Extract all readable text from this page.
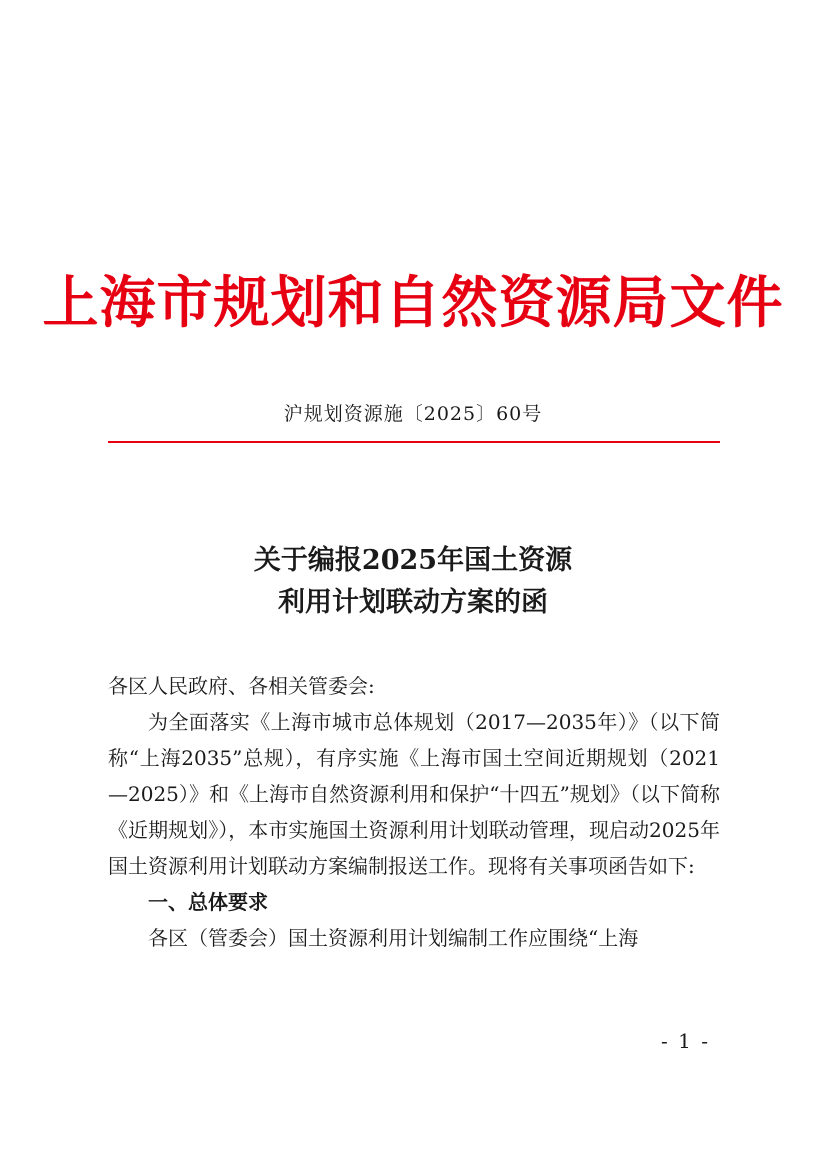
上海市规划和自然资源局文件
沪规划资源施〔2025〕60号
关于编报2025年国土资源
利用计划联动方案的函

各区人民政府、各相关管委会:

为全面落实《上海市城市总体规划（2017—2035年）》（以下简称“上海2035”总规），有序实施《上海市国土空间近期规划（2021—2025）》和《上海市自然资源利用和保护“十四五”规划》（以下简称《近期规划》），本市实施国土资源利用计划联动管理，现启动2025年国土资源利用计划联动方案编制报送工作。现将有关事项函告如下:

一、总体要求

各区（管委会）国土资源利用计划编制工作应围绕“上海

- 1 -
